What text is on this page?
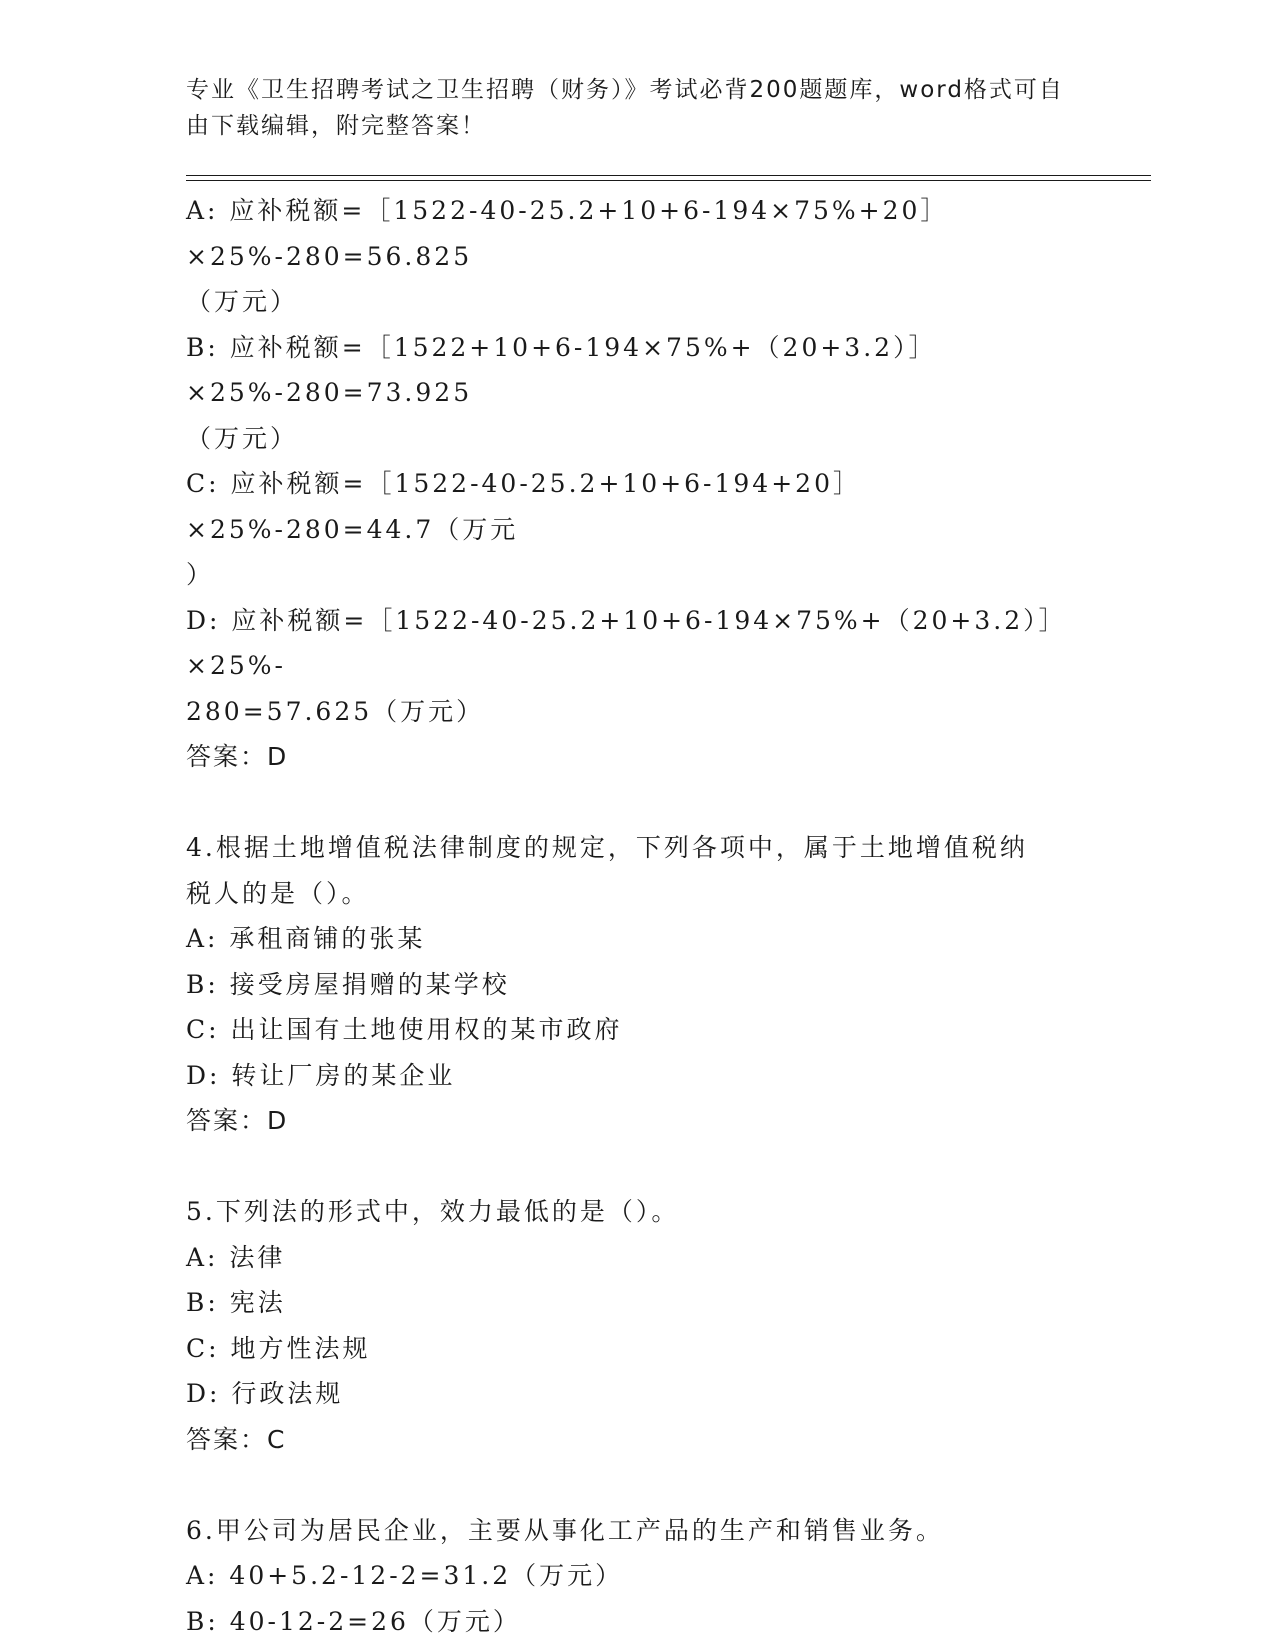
专业《卫生招聘考试之卫生招聘（财务）》考试必背200题题库，word格式可自
由下载编辑，附完整答案！
A: 应补税额=［1522-40-25.2+10+6-194×75%+20］×25%-280=56.825
（万元）
B: 应补税额=［1522+10+6-194×75%+（20+3.2）］×25%-280=73.925
（万元）
C: 应补税额=［1522-40-25.2+10+6-194+20］×25%-280=44.7（万元
）
D: 应补税额=［1522-40-25.2+10+6-194×75%+（20+3.2）］×25%-
280=57.625（万元）
答案：D
4.根据土地增值税法律制度的规定，下列各项中，属于土地增值税纳
税人的是（）。
A: 承租商铺的张某
B: 接受房屋捐赠的某学校
C: 出让国有土地使用权的某市政府
D: 转让厂房的某企业
答案：D
5.下列法的形式中，效力最低的是（）。
A: 法律
B: 宪法
C: 地方性法规
D: 行政法规
答案：C
6.甲公司为居民企业，主要从事化工产品的生产和销售业务。
A: 40+5.2-12-2=31.2（万元）
B: 40-12-2=26（万元）
